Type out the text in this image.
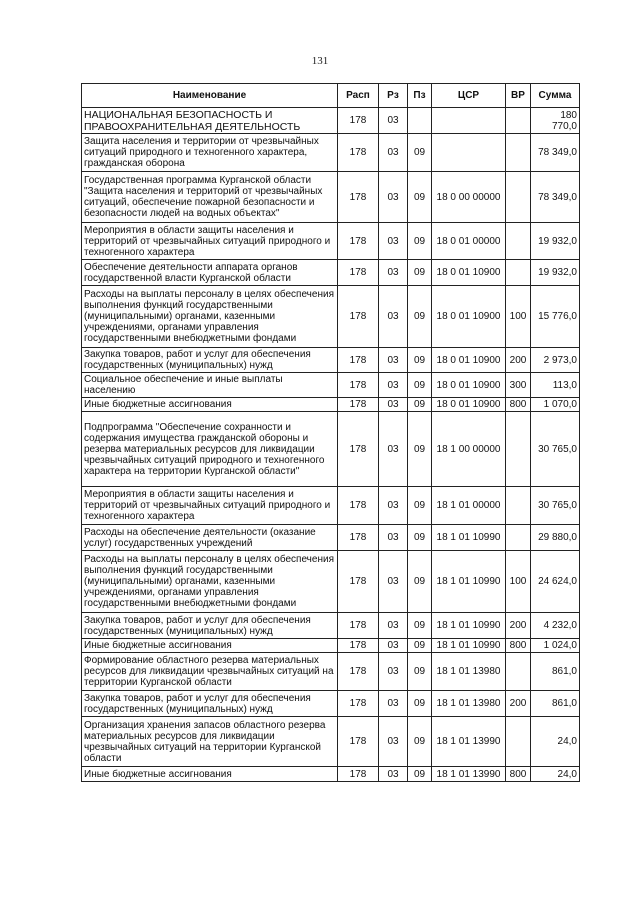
131
Наименование	Расп	Рз	Пз	ЦСР	ВР	Сумма
НАЦИОНАЛЬНАЯ БЕЗОПАСНОСТЬ И ПРАВООХРАНИТЕЛЬНАЯ ДЕЯТЕЛЬНОСТЬ	178	03				180 770,0
Защита населения и территории от чрезвычайных ситуаций природного и техногенного характера, гражданская оборона	178	03	09			78 349,0
Государственная программа Курганской области "Защита населения и территорий от чрезвычайных ситуаций, обеспечение пожарной безопасности и безопасности людей на водных объектах"	178	03	09	18 0 00 00000		78 349,0
Мероприятия в области защиты населения и территорий от чрезвычайных ситуаций природного и техногенного характера	178	03	09	18 0 01 00000		19 932,0
Обеспечение деятельности аппарата органов государственной власти Курганской области	178	03	09	18 0 01 10900		19 932,0
Расходы на выплаты персоналу в целях обеспечения выполнения функций государственными (муниципальными) органами, казенными учреждениями, органами управления государственными внебюджетными фондами	178	03	09	18 0 01 10900	100	15 776,0
Закупка товаров, работ и услуг для обеспечения государственных (муниципальных) нужд	178	03	09	18 0 01 10900	200	2 973,0
Социальное обеспечение и иные выплаты населению	178	03	09	18 0 01 10900	300	113,0
Иные бюджетные ассигнования	178	03	09	18 0 01 10900	800	1 070,0
Подпрограмма "Обеспечение сохранности и содержания имущества гражданской обороны и резерва материальных ресурсов для ликвидации чрезвычайных ситуаций природного и техногенного характера на территории Курганской области"	178	03	09	18 1 00 00000		30 765,0
Мероприятия в области защиты населения и территорий от чрезвычайных ситуаций природного и техногенного характера	178	03	09	18 1 01 00000		30 765,0
Расходы на обеспечение деятельности (оказание услуг) государственных учреждений	178	03	09	18 1 01 10990		29 880,0
Расходы на выплаты персоналу в целях обеспечения выполнения функций государственными (муниципальными) органами, казенными учреждениями, органами управления государственными внебюджетными фондами	178	03	09	18 1 01 10990	100	24 624,0
Закупка товаров, работ и услуг для обеспечения государственных (муниципальных) нужд	178	03	09	18 1 01 10990	200	4 232,0
Иные бюджетные ассигнования	178	03	09	18 1 01 10990	800	1 024,0
Формирование областного резерва материальных ресурсов для ликвидации чрезвычайных ситуаций на территории Курганской области	178	03	09	18 1 01 13980		861,0
Закупка товаров, работ и услуг для обеспечения государственных (муниципальных) нужд	178	03	09	18 1 01 13980	200	861,0
Организация хранения запасов областного резерва материальных ресурсов для ликвидации чрезвычайных ситуаций на территории Курганской области	178	03	09	18 1 01 13990		24,0
Иные бюджетные ассигнования	178	03	09	18 1 01 13990	800	24,0
